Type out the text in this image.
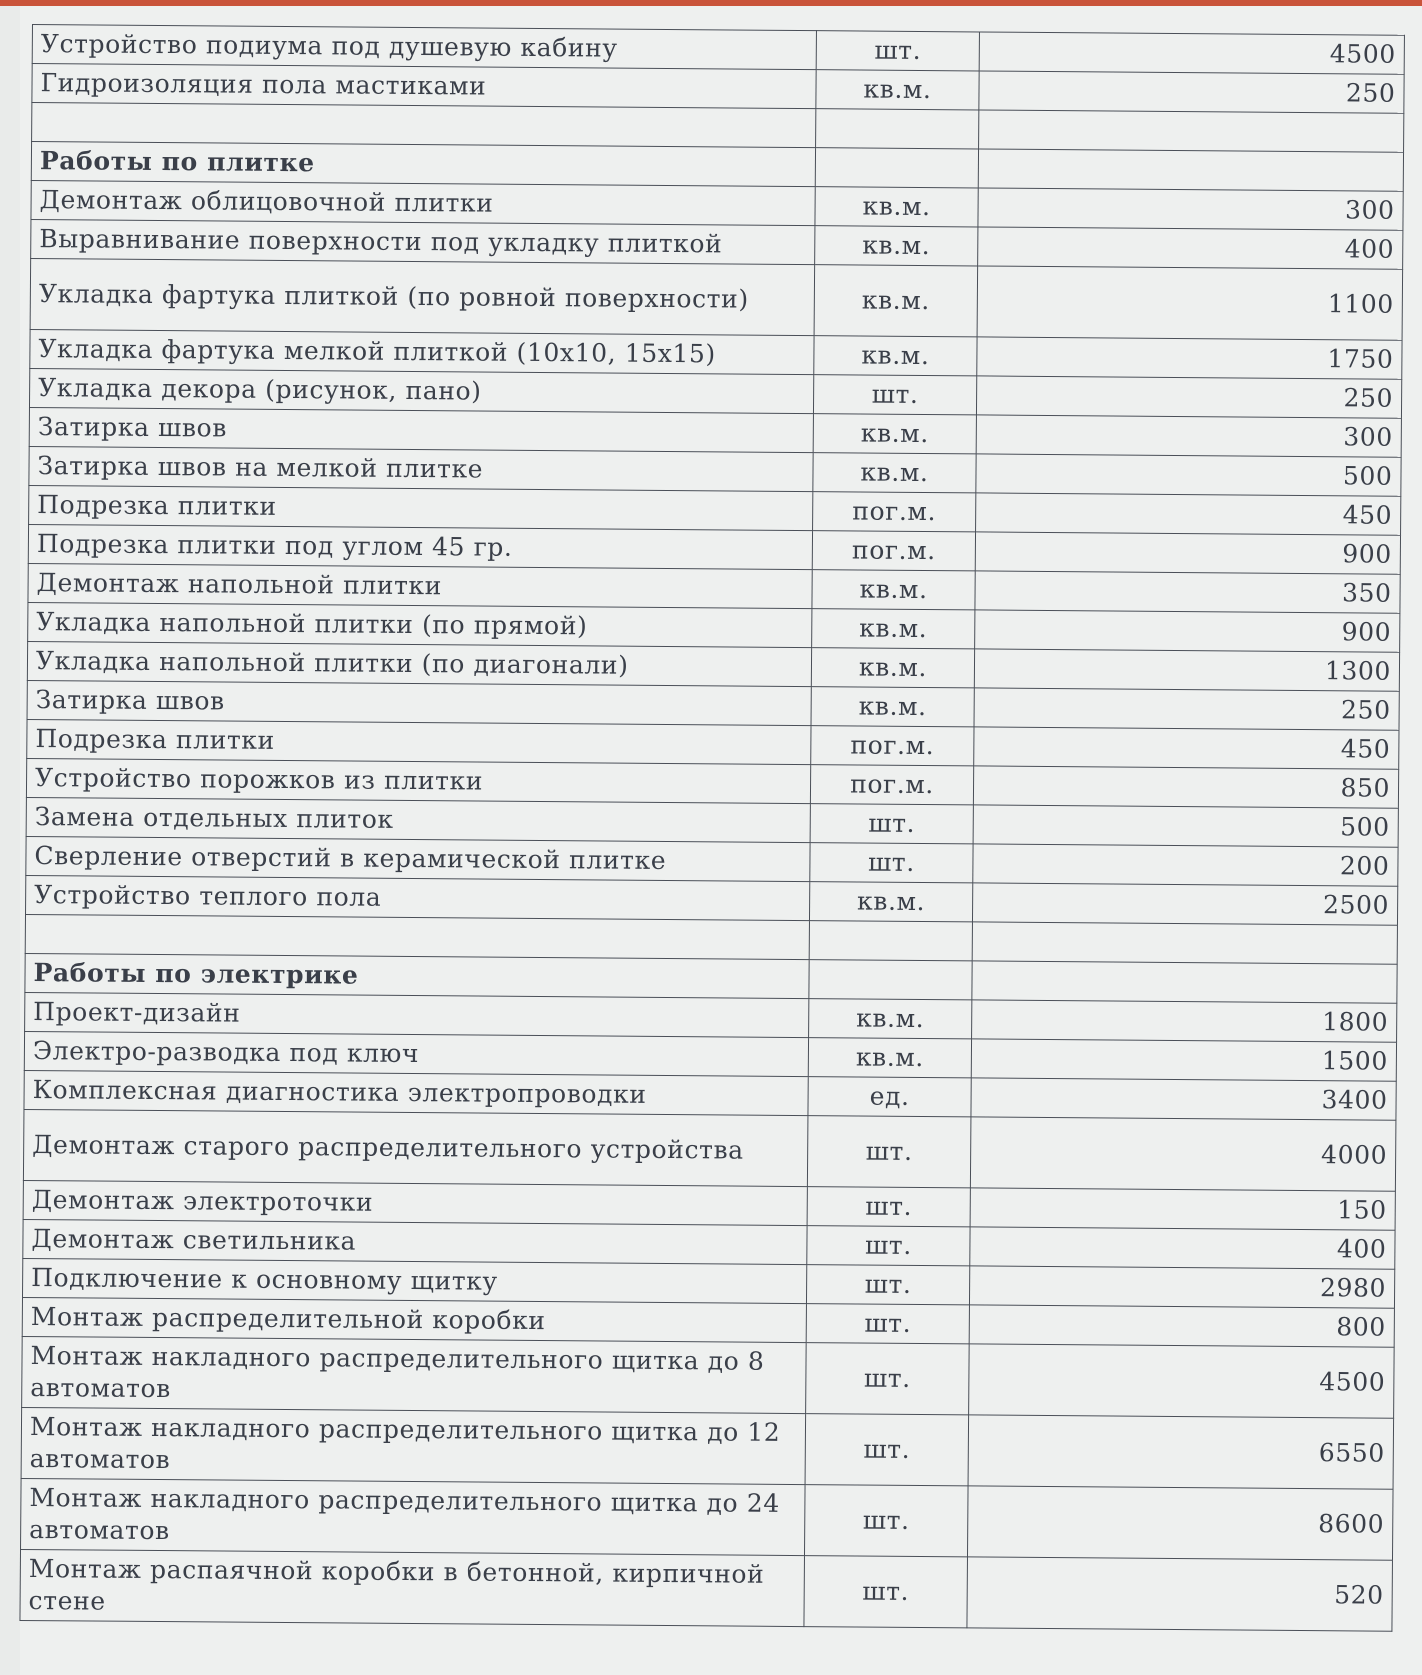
Устройство подиума под душевую кабину	шт.	4500
Гидроизоляция пола мастиками	кв.м.	250

Работы по плитке		
Демонтаж облицовочной плитки	кв.м.	300
Выравнивание поверхности под укладку плиткой	кв.м.	400
Укладка фартука плиткой (по ровной поверхности)	кв.м.	1100
Укладка фартука мелкой плиткой (10х10, 15х15)	кв.м.	1750
Укладка декора (рисунок, пано)	шт.	250
Затирка швов	кв.м.	300
Затирка швов на мелкой плитке	кв.м.	500
Подрезка плитки	пог.м.	450
Подрезка плитки под углом 45 гр.	пог.м.	900
Демонтаж напольной плитки	кв.м.	350
Укладка напольной плитки (по прямой)	кв.м.	900
Укладка напольной плитки (по диагонали)	кв.м.	1300
Затирка швов	кв.м.	250
Подрезка плитки	пог.м.	450
Устройство порожков из плитки	пог.м.	850
Замена отдельных плиток	шт.	500
Сверление отверстий в керамической плитке	шт.	200
Устройство теплого пола	кв.м.	2500

Работы по электрике		
Проект-дизайн	кв.м.	1800
Электро-разводка под ключ	кв.м.	1500
Комплексная диагностика электропроводки	ед.	3400
Демонтаж старого распределительного устройства	шт.	4000
Демонтаж электроточки	шт.	150
Демонтаж светильника	шт.	400
Подключение к основному щитку	шт.	2980
Монтаж распределительной коробки	шт.	800
Монтаж накладного распределительного щитка до 8 автоматов	шт.	4500
Монтаж накладного распределительного щитка до 12 автоматов	шт.	6550
Монтаж накладного распределительного щитка до 24 автоматов	шт.	8600
Монтаж распаячной коробки в бетонной, кирпичной стене	шт.	520
